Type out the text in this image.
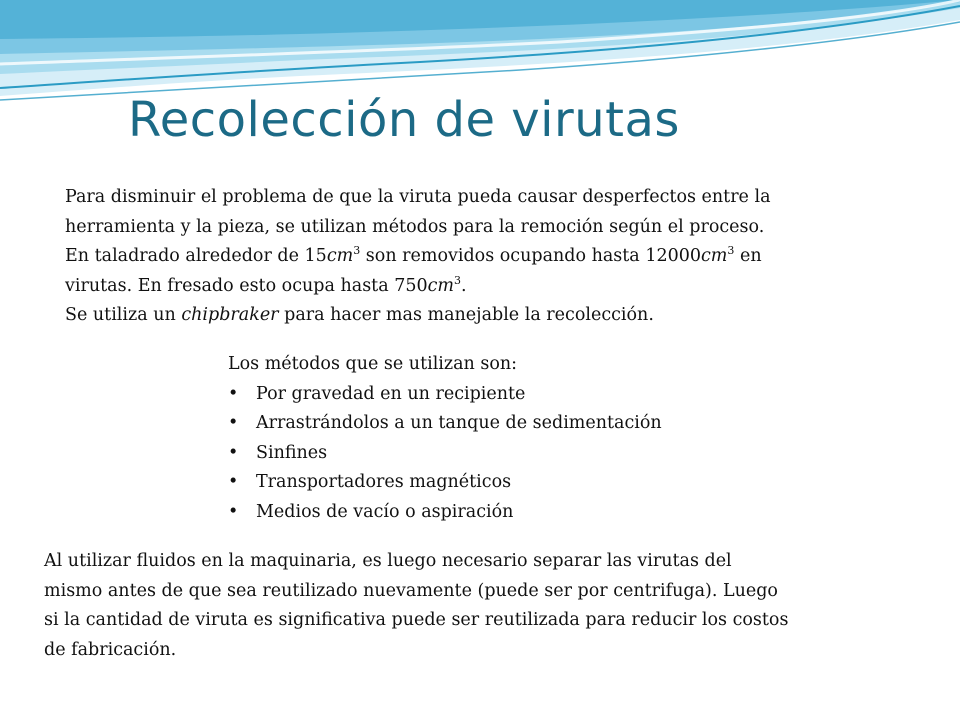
Recolección de virutas
Para disminuir el problema de que la viruta pueda causar desperfectos entre la
herramienta y la pieza, se utilizan métodos para la remoción según el proceso.
En taladrado alrededor de $15cm^3$ son removidos ocupando hasta $12000cm^3$ en
virutas. En fresado esto ocupa hasta $750cm^3$.
Se utiliza un chipbraker para hacer mas manejable la recolección.
Los métodos que se utilizan son:
• Por gravedad en un recipiente
• Arrastrándolos a un tanque de sedimentación
• Sinfines
• Transportadores magnéticos
• Medios de vacío o aspiración
Al utilizar fluidos en la maquinaria, es luego necesario separar las virutas del
mismo antes de que sea reutilizado nuevamente (puede ser por centrifuga). Luego
si la cantidad de viruta es significativa puede ser reutilizada para reducir los costos
de fabricación.
